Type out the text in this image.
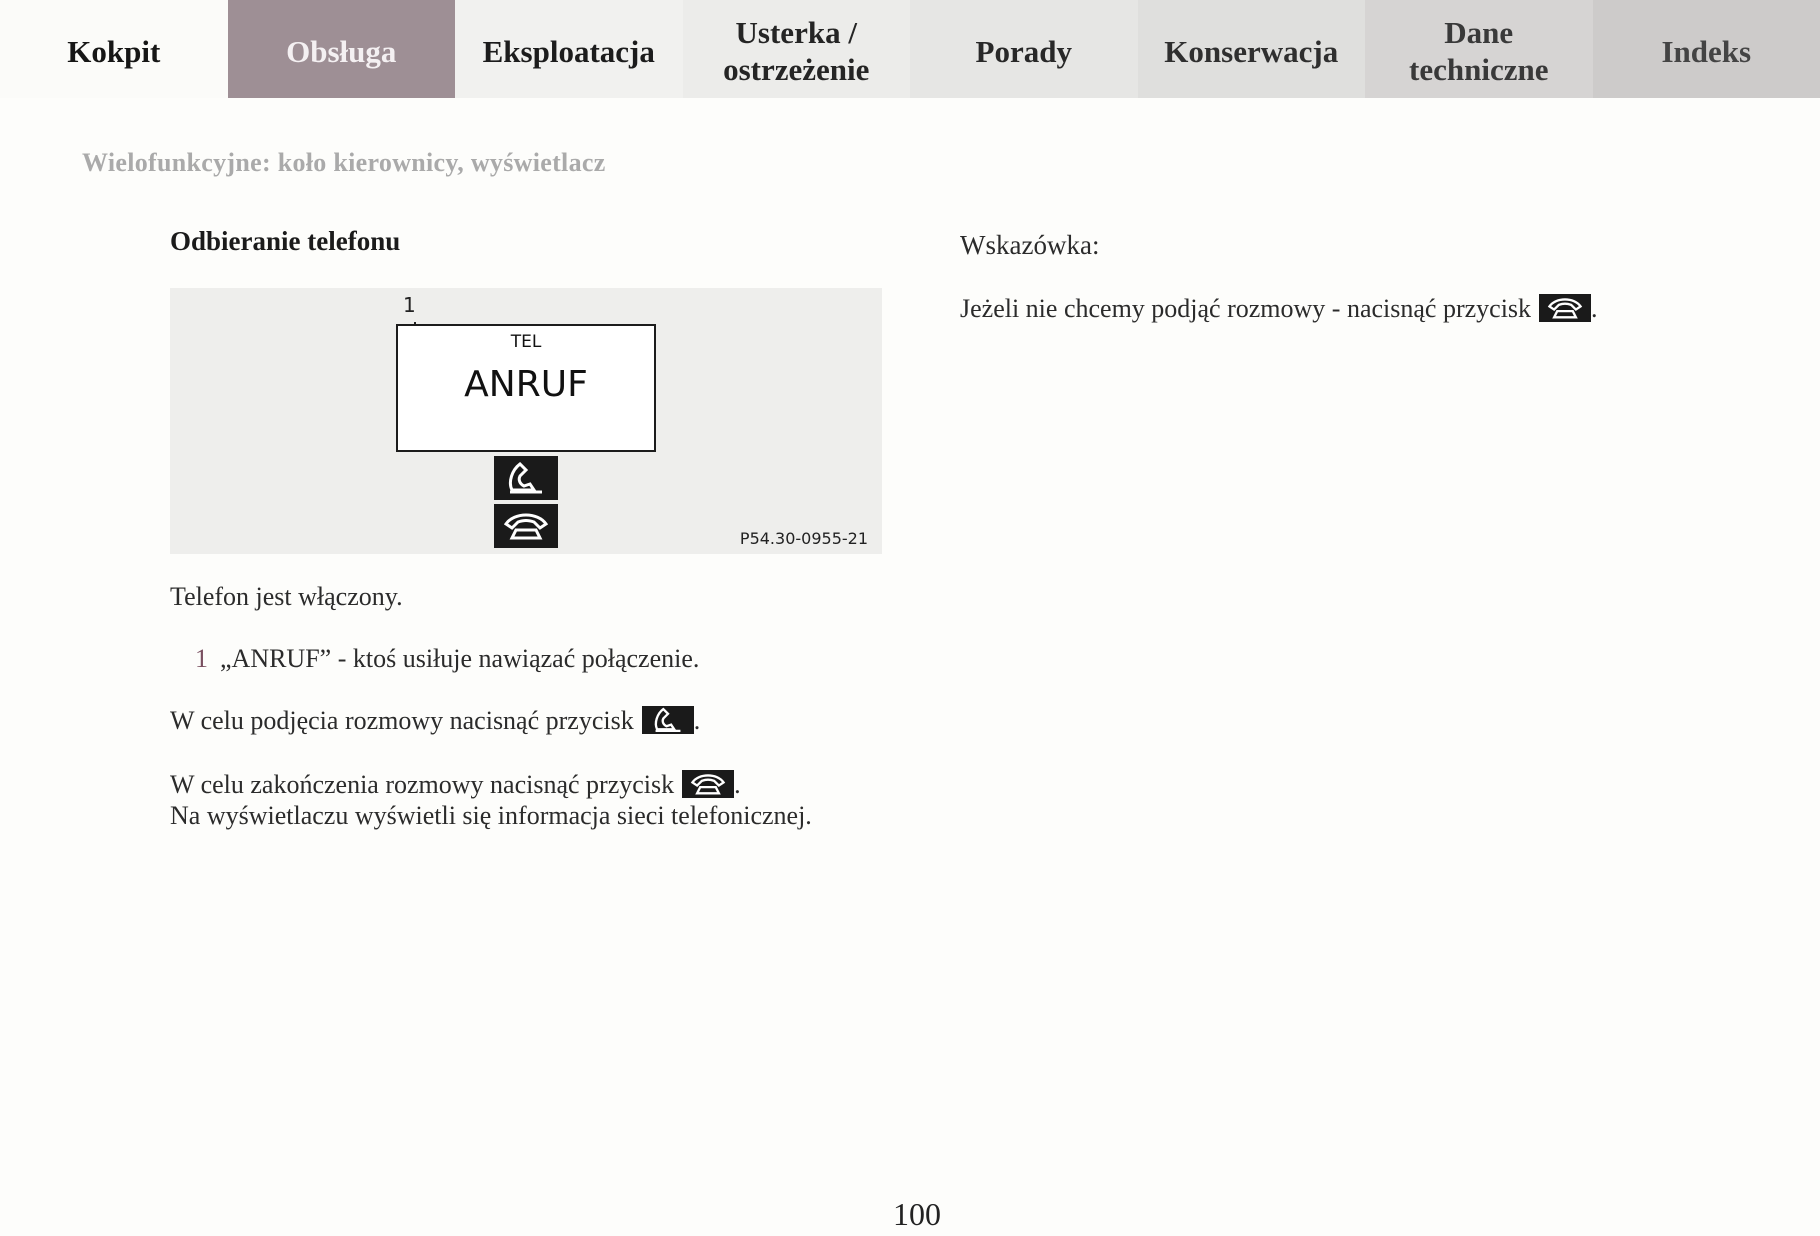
Kokpit	Obsługa	Eksploatacja
Usterka /
ostrzeżenie
Porady	Konserwacja
Dane
techniczne
Indeks
Wielofunkcyjne: koło kierownicy, wyświetlacz
Odbieranie telefonu
1
TEL
ANRUF
P54.30-0955-21
Telefon jest włączony.
1 „ANRUF” - ktoś usiłuje nawiązać połączenie.
W celu podjęcia rozmowy nacisnąć przycisk .
W celu zakończenia rozmowy nacisnąć przycisk .
Na wyświetlaczu wyświetli się informacja sieci telefonicznej.
Wskazówka:
Jeżeli nie chcemy podjąć rozmowy - nacisnąć przycisk .
100
